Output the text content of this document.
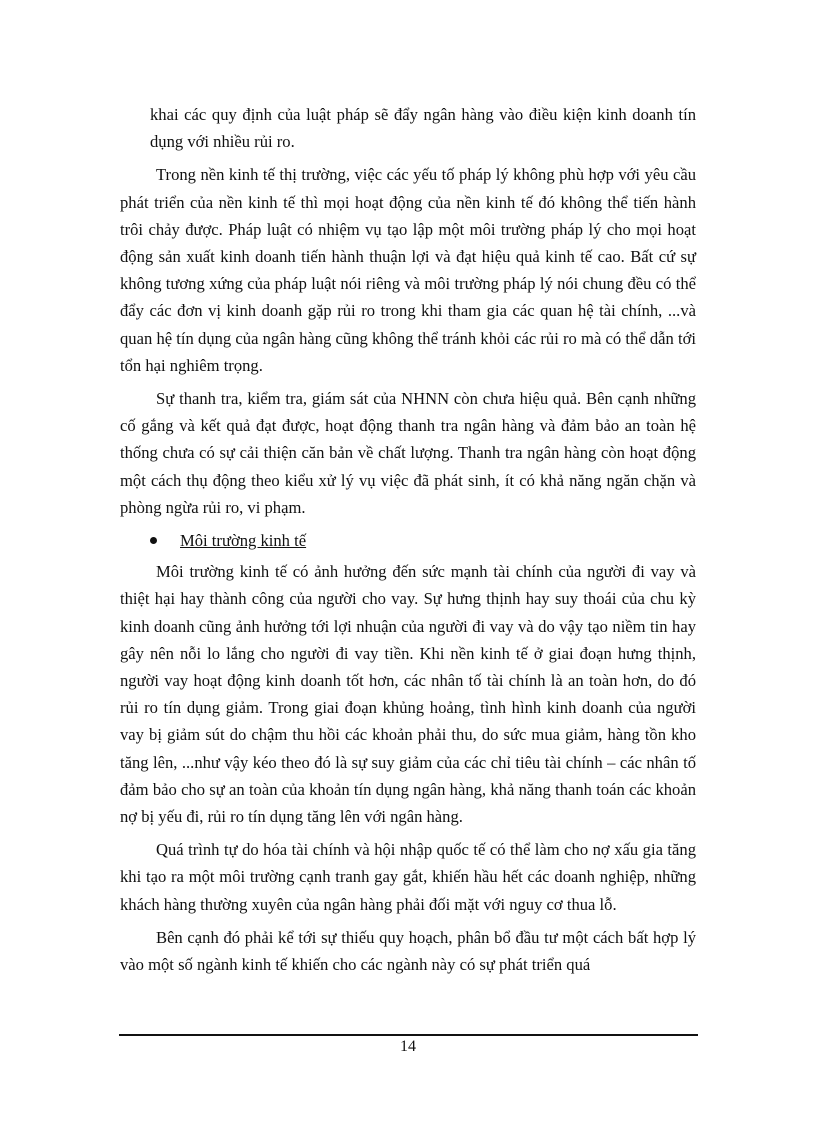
khai các quy định của luật pháp sẽ đẩy ngân hàng vào điều kiện kinh doanh tín dụng với nhiều rủi ro.

Trong nền kinh tế thị trường, việc các yếu tố pháp lý không phù hợp với yêu cầu phát triển của nền kinh tế thì mọi hoạt động của nền kinh tế đó không thể tiến hành trôi chảy được. Pháp luật có nhiệm vụ tạo lập một môi trường pháp lý cho mọi hoạt động sản xuất kinh doanh tiến hành thuận lợi và đạt hiệu quả kinh tế cao. Bất cứ sự không tương xứng của pháp luật nói riêng và môi trường pháp lý nói chung đều có thể đẩy các đơn vị kinh doanh gặp rủi ro trong khi tham gia các quan hệ tài chính, ...và quan hệ tín dụng của ngân hàng cũng không thể tránh khỏi các rủi ro mà có thể dẫn tới tổn hại nghiêm trọng.

Sự thanh tra, kiểm tra, giám sát của NHNN còn chưa hiệu quả. Bên cạnh những cố gắng và kết quả đạt được, hoạt động thanh tra ngân hàng và đảm bảo an toàn hệ thống chưa có sự cải thiện căn bản về chất lượng. Thanh tra ngân hàng còn hoạt động một cách thụ động theo kiểu xử lý vụ việc đã phát sinh, ít có khả năng ngăn chặn và phòng ngừa rủi ro, vi phạm.

Môi trường kinh tế

Môi trường kinh tế có ảnh hưởng đến sức mạnh tài chính của người đi vay và thiệt hại hay thành công của người cho vay. Sự hưng thịnh hay suy thoái của chu kỳ kinh doanh cũng ảnh hưởng tới lợi nhuận của người đi vay và do vậy tạo niềm tin hay gây nên nỗi lo lắng cho người đi vay tiền. Khi nền kinh tế ở giai đoạn hưng thịnh, người vay hoạt động kinh doanh tốt hơn, các nhân tố tài chính là an toàn hơn, do đó rủi ro tín dụng giảm. Trong giai đoạn khủng hoảng, tình hình kinh doanh của người vay bị giảm sút do chậm thu hồi các khoản phải thu, do sức mua giảm, hàng tồn kho tăng lên, ...như vậy kéo theo đó là sự suy giảm của các chỉ tiêu tài chính – các nhân tố đảm bảo cho sự an toàn của khoản tín dụng ngân hàng, khả năng thanh toán các khoản nợ bị yếu đi, rủi ro tín dụng tăng lên với ngân hàng.

Quá trình tự do hóa tài chính và hội nhập quốc tế có thể làm cho nợ xấu gia tăng khi tạo ra một môi trường cạnh tranh gay gắt, khiến hầu hết các doanh nghiệp, những khách hàng thường xuyên của ngân hàng phải đối mặt với nguy cơ thua lỗ.

Bên cạnh đó phải kể tới sự thiếu quy hoạch, phân bổ đầu tư một cách bất hợp lý vào một số ngành kinh tế khiến cho các ngành này có sự phát triển quá

14
